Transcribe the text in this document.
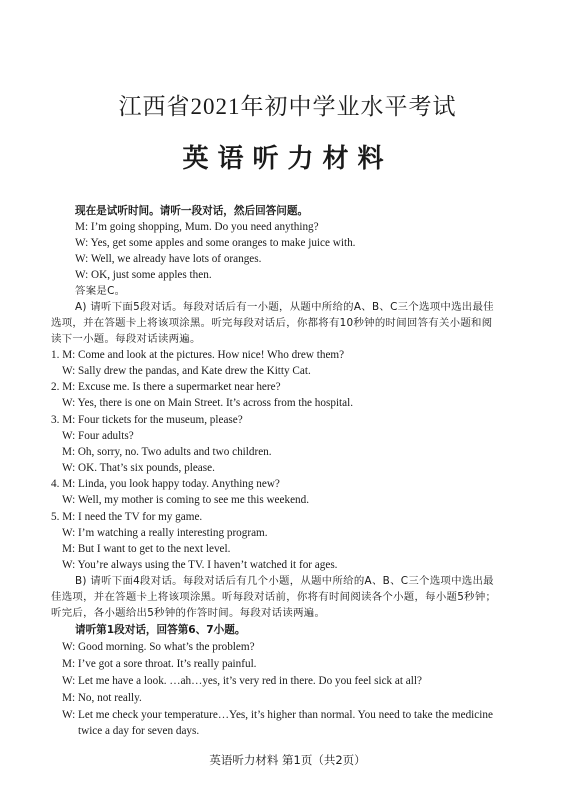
江西省2021年初中学业水平考试
英语听力材料
现在是试听时间。请听一段对话，然后回答问题。
M: I’m going shopping, Mum. Do you need anything?
W: Yes, get some apples and some oranges to make juice with.
W: Well, we already have lots of oranges.
W: OK, just some apples then.
答案是C。
A) 请听下面5段对话。每段对话后有一小题，从题中所给的A、B、C三个选项中选出最佳
选项，并在答题卡上将该项涂黑。听完每段对话后，你都将有10秒钟的时间回答有关小题和阅
读下一小题。每段对话读两遍。
1. M: Come and look at the pictures. How nice! Who drew them?
W: Sally drew the pandas, and Kate drew the Kitty Cat.
2. M: Excuse me. Is there a supermarket near here?
W: Yes, there is one on Main Street. It’s across from the hospital.
3. M: Four tickets for the museum, please?
W: Four adults?
M: Oh, sorry, no. Two adults and two children.
W: OK. That’s six pounds, please.
4. M: Linda, you look happy today. Anything new?
W: Well, my mother is coming to see me this weekend.
5. M: I need the TV for my game.
W: I’m watching a really interesting program.
M: But I want to get to the next level.
W: You’re always using the TV. I haven’t watched it for ages.
B) 请听下面4段对话。每段对话后有几个小题，从题中所给的A、B、C三个选项中选出最
佳选项，并在答题卡上将该项涂黑。听每段对话前，你将有时间阅读各个小题，每小题5秒钟；
听完后，各小题给出5秒钟的作答时间。每段对话读两遍。
请听第1段对话，回答第6、7小题。
W: Good morning. So what’s the problem?
M: I’ve got a sore throat. It’s really painful.
W: Let me have a look. …ah…yes, it’s very red in there. Do you feel sick at all?
M: No, not really.
W: Let me check your temperature…Yes, it’s higher than normal. You need to take the medicine
twice a day for seven days.
英语听力材料 第1页（共2页）
